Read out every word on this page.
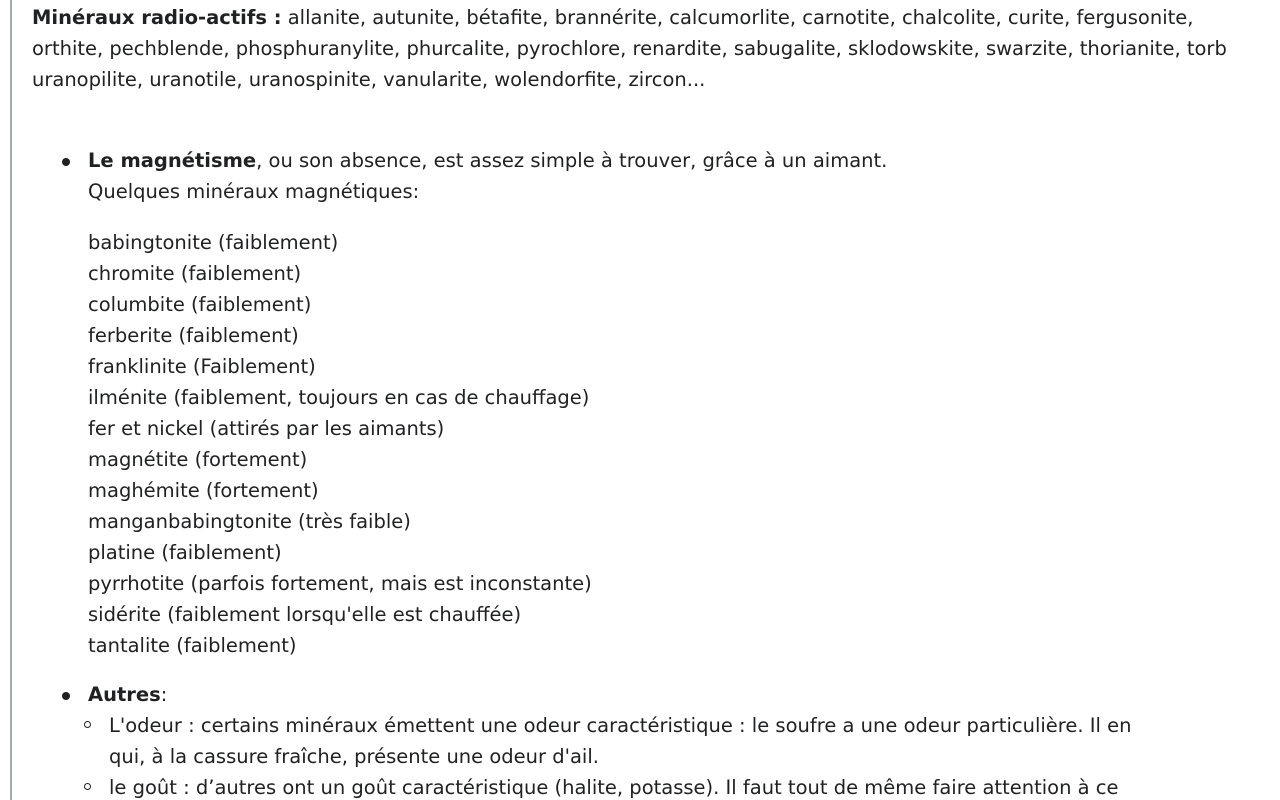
Minéraux radio-actifs : allanite, autunite, bétafite, brannérite, calcumorlite, carnotite, chalcolite, curite, fergusonite,

orthite, pechblende, phosphuranylite, phurcalite, pyrochlore, renardite, sabugalite, sklodowskite, swarzite, thorianite, torb

uranopilite, uranotile, uranospinite, vanularite, wolendorfite, zircon...

Le magnétisme, ou son absence, est assez simple à trouver, grâce à un aimant.
Quelques minéraux magnétiques:
babingtonite (faiblement)
chromite (faiblement)
columbite (faiblement)
ferberite (faiblement)
franklinite (Faiblement)
ilménite (faiblement, toujours en cas de chauffage)
fer et nickel (attirés par les aimants)
magnétite (fortement)
maghémite (fortement)
manganbabingtonite (très faible)
platine (faiblement)
pyrrhotite (parfois fortement, mais est inconstante)
sidérite (faiblement lorsqu'elle est chauffée)
tantalite (faiblement)
Autres:
L'odeur : certains minéraux émettent une odeur caractéristique : le soufre a une odeur particulière. Il en
qui, à la cassure fraîche, présente une odeur d'ail.
le goût : d’autres ont un goût caractéristique (halite, potasse). Il faut tout de même faire attention à ce
